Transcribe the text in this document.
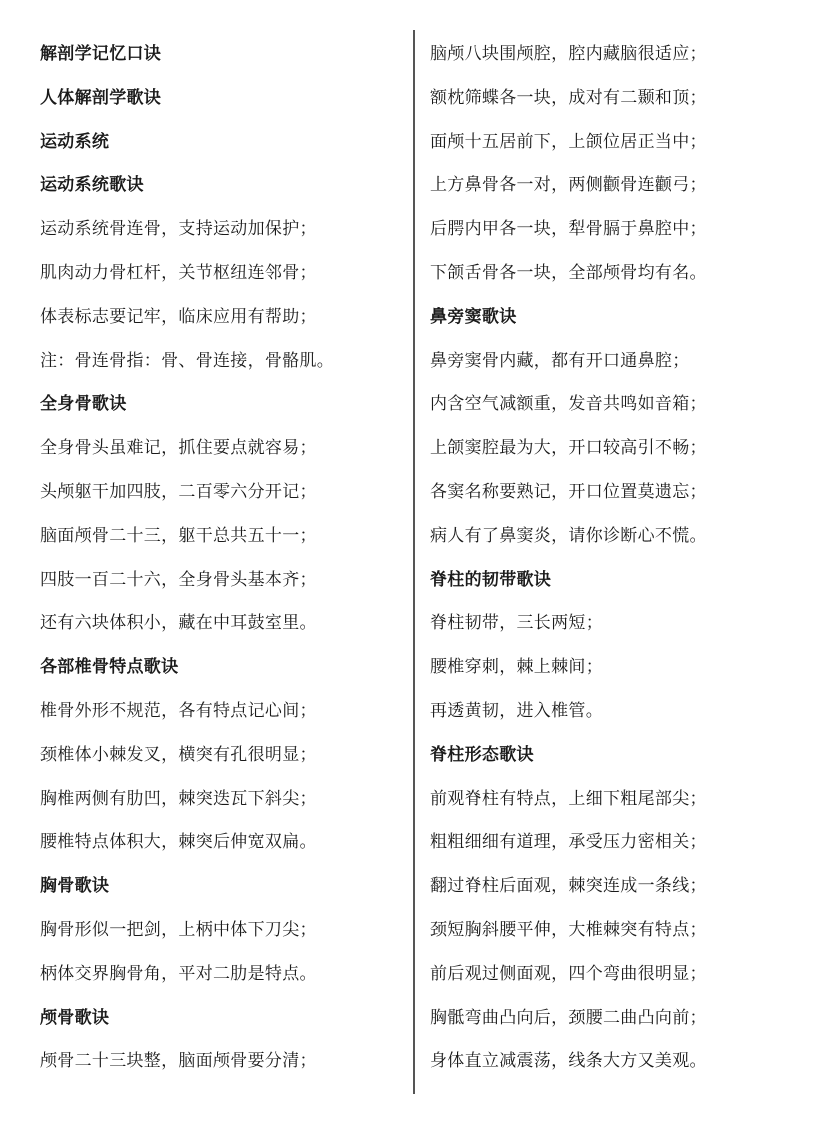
解剖学记忆口诀
人体解剖学歌诀
运动系统
运动系统歌诀
运动系统骨连骨，支持运动加保护；
肌肉动力骨杠杆，关节枢纽连邻骨；
体表标志要记牢，临床应用有帮助；
注：骨连骨指：骨、骨连接，骨骼肌。
全身骨歌诀
全身骨头虽难记，抓住要点就容易；
头颅躯干加四肢，二百零六分开记；
脑面颅骨二十三，躯干总共五十一；
四肢一百二十六，全身骨头基本齐；
还有六块体积小，藏在中耳鼓室里。
各部椎骨特点歌诀
椎骨外形不规范，各有特点记心间；
颈椎体小棘发叉，横突有孔很明显；
胸椎两侧有肋凹，棘突迭瓦下斜尖；
腰椎特点体积大，棘突后伸宽双扁。
胸骨歌诀
胸骨形似一把剑，上柄中体下刀尖；
柄体交界胸骨角，平对二肋是特点。
颅骨歌诀
颅骨二十三块整，脑面颅骨要分清；
脑颅八块围颅腔，腔内藏脑很适应；
额枕筛蝶各一块，成对有二颞和顶；
面颅十五居前下，上颌位居正当中；
上方鼻骨各一对，两侧颧骨连颧弓；
后腭内甲各一块，犁骨膈于鼻腔中；
下颌舌骨各一块，全部颅骨均有名。
鼻旁窦歌诀
鼻旁窦骨内藏，都有开口通鼻腔；
内含空气减额重，发音共鸣如音箱；
上颌窦腔最为大，开口较高引不畅；
各窦名称要熟记，开口位置莫遗忘；
病人有了鼻窦炎，请你诊断心不慌。
脊柱的韧带歌诀
脊柱韧带，三长两短；
腰椎穿刺，棘上棘间；
再透黄韧，进入椎管。
脊柱形态歌诀
前观脊柱有特点，上细下粗尾部尖；
粗粗细细有道理，承受压力密相关；
翻过脊柱后面观，棘突连成一条线；
颈短胸斜腰平伸，大椎棘突有特点；
前后观过侧面观，四个弯曲很明显；
胸骶弯曲凸向后，颈腰二曲凸向前；
身体直立减震荡，线条大方又美观。
